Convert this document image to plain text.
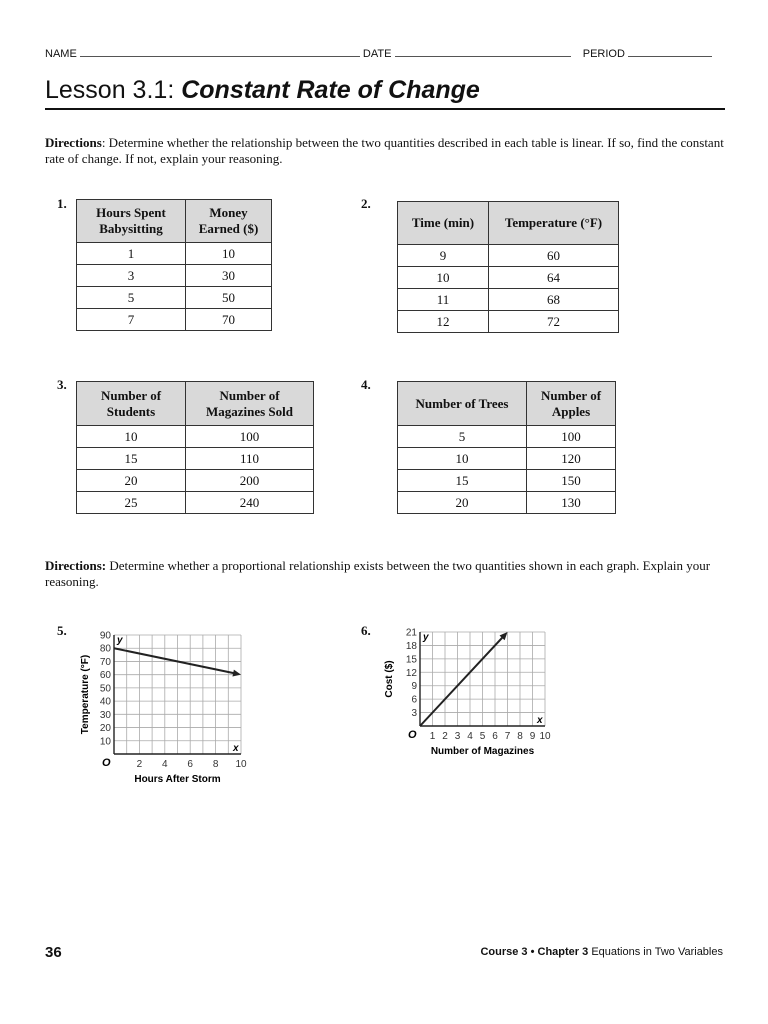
NAME	DATE	PERIOD
Lesson 3.1: Constant Rate of Change
Directions: Determine whether the relationship between the two quantities described in each table is linear. If so, find the constant rate of change. If not, explain your reasoning.
1.	2.
3.	4.
Hours Spent Babysitting	Money Earned ($)
1	10
3	30
5	50
7	70
Time (min)	Temperature (°F)
9	60
10	64
11	68
12	72
Number of Students	Number of Magazines Sold
10	100
15	110
20	200
25	240
Number of Trees	Number of Apples
5	100
10	120
15	150
20	130
Directions: Determine whether a proportional relationship exists between the two quantities shown in each graph. Explain your reasoning.
5.	6.
2 4 6 8 10
10
20
30
40
50
60
70
80
90
O
x
y
Hours After Storm
Temperature (°F)
1 2 3 4 5 6 7 8 9 10
3
6
9
12
15
18
21
O
x
y
Number of Magazines
Cost ($)
36	Course 3 • Chapter 3 Equations in Two Variables
